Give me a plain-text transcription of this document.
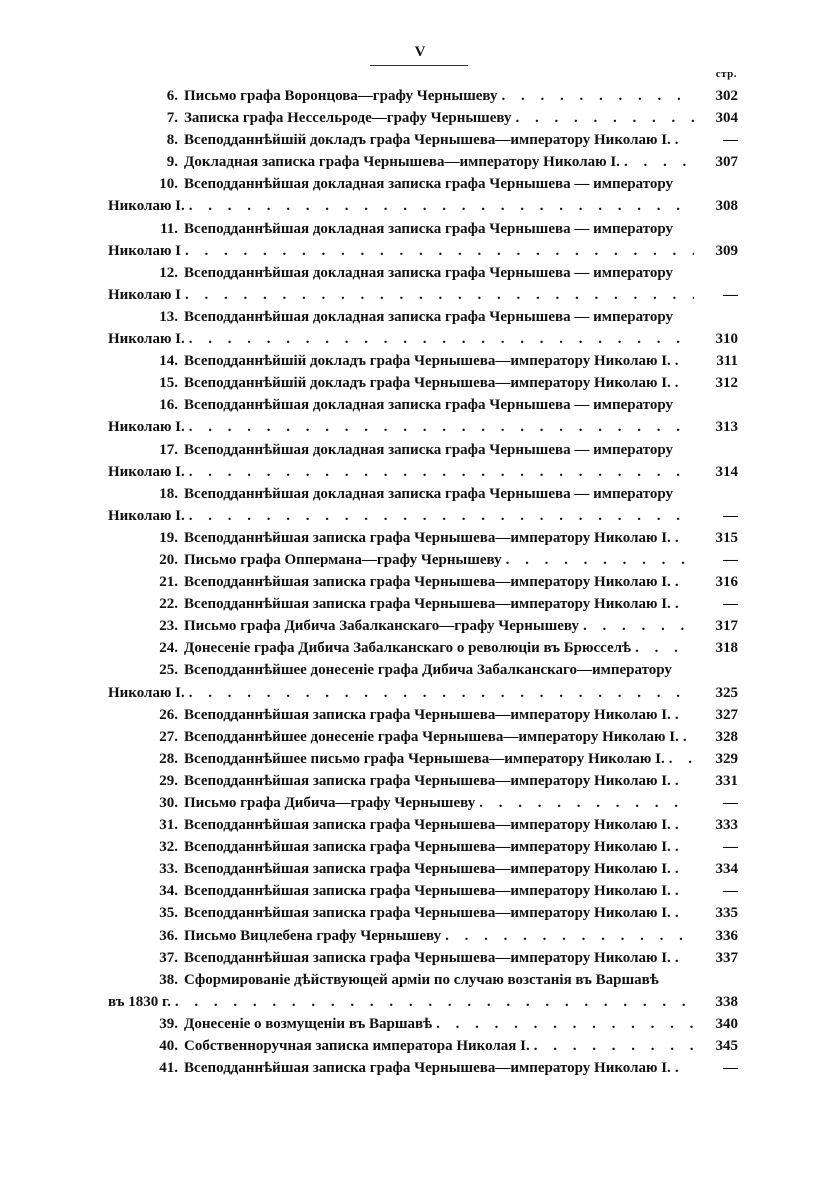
V
стр.
6. Письмо графа Воронцова—графу Чернышеву . . .	302
7. Записка графа Нессельроде—графу Чернышеву . . .	304
8. Всеподданнѣйшій докладъ графа Чернышева—императору Николаю I. . . .	—
9. Докладная записка графа Чернышева—императору Николаю I. . . .	307
10. Всеподданнѣйшая докладная записка графа Чернышева — императору
Николаю I. . . .	308
11. Всеподданнѣйшая докладная записка графа Чернышева — императору
Николаю I . . .	309
12. Всеподданнѣйшая докладная записка графа Чернышева — императору
Николаю I . . .	—
13. Всеподданнѣйшая докладная записка графа Чернышева — императору
Николаю I. . . .	310
14. Всеподданнѣйшій докладъ графа Чернышева—императору Николаю I. . . .	311
15. Всеподданнѣйшій докладъ графа Чернышева—императору Николаю I. . . .	312
16. Всеподданнѣйшая докладная записка графа Чернышева — императору
Николаю I. . . .	313
17. Всеподданнѣйшая докладная записка графа Чернышева — императору
Николаю I. . . .	314
18. Всеподданнѣйшая докладная записка графа Чернышева — императору
Николаю I. . . .	—
19. Всеподданнѣйшая записка графа Чернышева—императору Николаю I. . . .	315
20. Письмо графа Опперманa—графу Чернышеву . . .	—
21. Всеподданнѣйшая записка графа Чернышева—императору Николаю I. . . .	316
22. Всеподданнѣйшая записка графа Чернышева—императору Николаю I. . . .	—
23. Письмо графа Дибича Забалканскаго—графу Чернышеву . . .	317
24. Донесеніе графа Дибича Забалканскаго о революціи въ Брюсселѣ . . .	318
25. Всеподданнѣйшее донесеніе графа Дибича Забалканскаго—императору
Николаю I. . . .	325
26. Всеподданнѣйшая записка графа Чернышева—императору Николаю I. . . .	327
27. Всеподданнѣйшее донесеніе графа Чернышева—императору Николаю I. . . .	328
28. Всеподданнѣйшее письмо графа Чернышева—императору Николаю I. . . .	329
29. Всеподданнѣйшая записка графа Чернышева—императору Николаю I. . . .	331
30. Письмо графа Дибича—графу Чернышеву . . .	—
31. Всеподданнѣйшая записка графа Чернышева—императору Николаю I. . . .	333
32. Всеподданнѣйшая записка графа Чернышева—императору Николаю I. . . .	—
33. Всеподданнѣйшая записка графа Чернышева—императору Николаю I. . . .	334
34. Всеподданнѣйшая записка графа Чернышева—императору Николаю I. . . .	—
35. Всеподданнѣйшая записка графа Чернышева—императору Николаю I. . . .	335
36. Письмо Вицлебена графу Чернышеву . . .	336
37. Всеподданнѣйшая записка графа Чернышева—императору Николаю I. . . .	337
38. Сформированіе дѣйствующей арміи по случаю возстанія въ Варшавѣ
въ 1830 г. . . .	338
39. Донесеніе о возмущеніи въ Варшавѣ . . .	340
40. Собственноручная записка императора Николая I. . . .	345
41. Всеподданнѣйшая записка графа Чернышева—императору Николаю I. . . .	—
